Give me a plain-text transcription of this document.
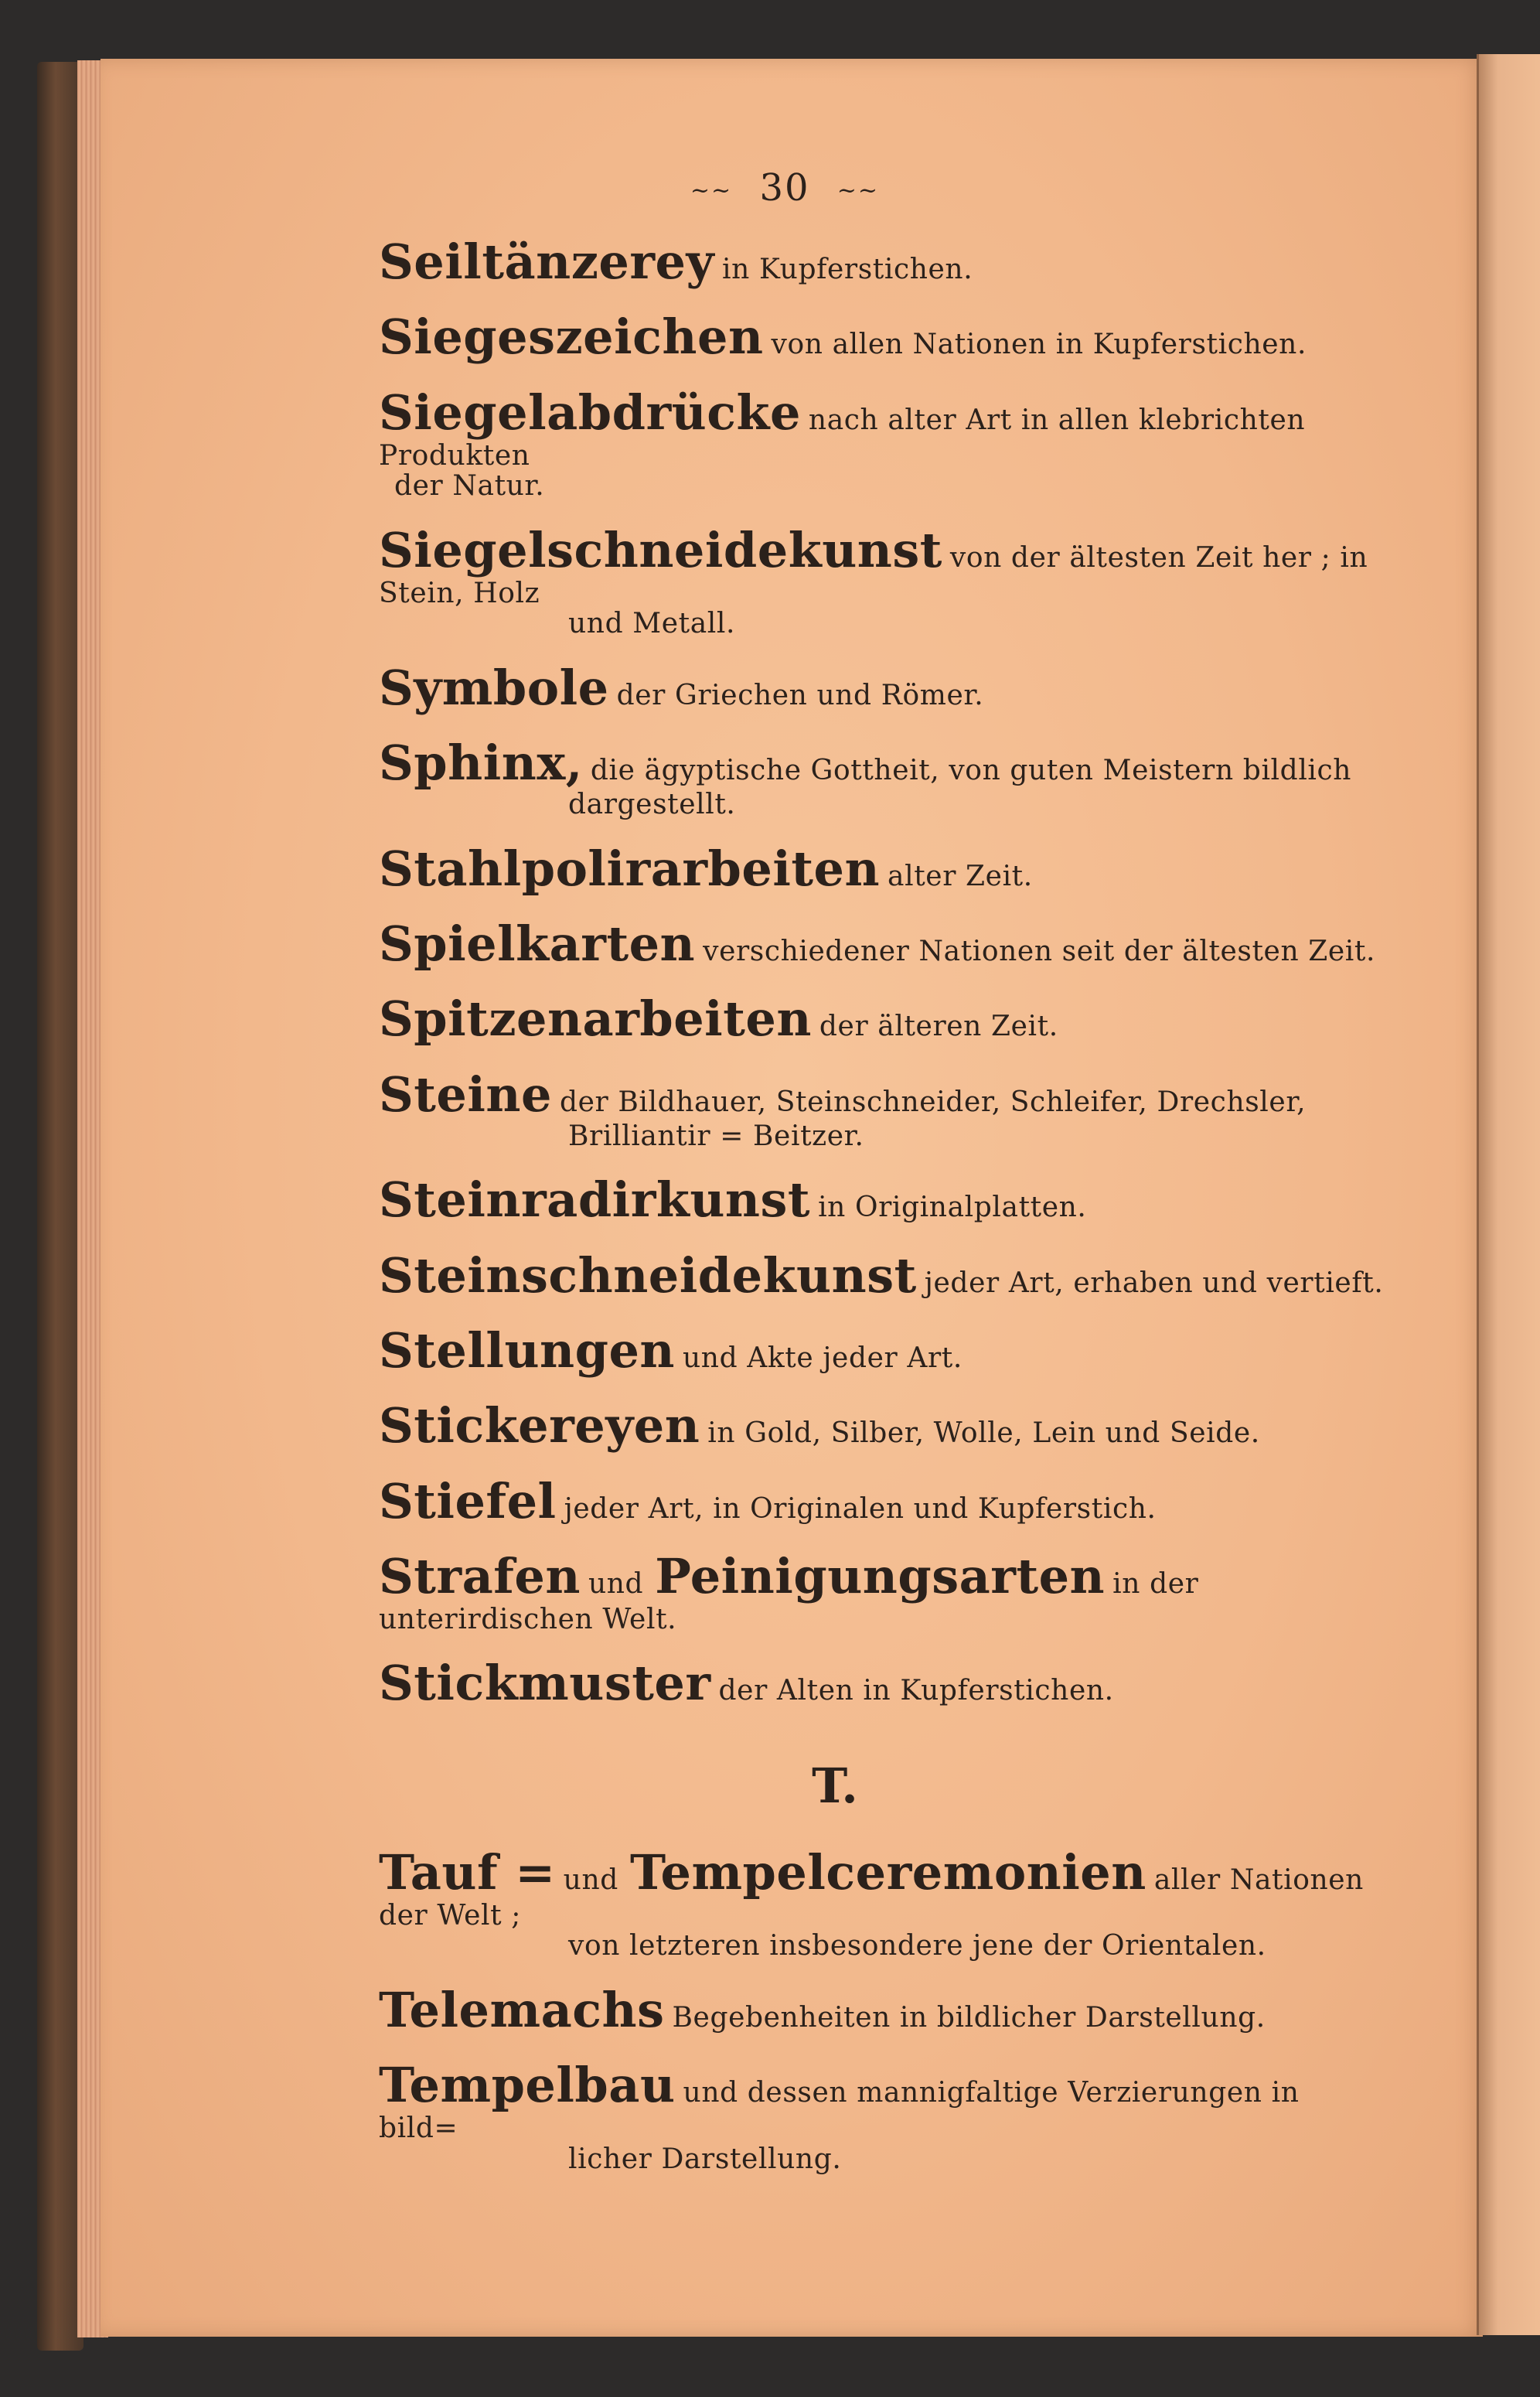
~~ 30 ~~

Seiltänzerey in Kupferstichen.

Siegeszeichen von allen Nationen in Kupferstichen.

Siegelabdrücke nach alter Art in allen klebrichten Produkten
der Natur.

Siegelschneidekunst von der ältesten Zeit her ; in Stein, Holz
und Metall.

Symbole der Griechen und Römer.

Sphinx, die ägyptische Gottheit, von guten Meistern bildlich
dargestellt.

Stahlpolirarbeiten alter Zeit.

Spielkarten verschiedener Nationen seit der ältesten Zeit.

Spitzenarbeiten der älteren Zeit.

Steine der Bildhauer, Steinschneider, Schleifer, Drechsler,
Brilliantir = Beitzer.

Steinradirkunst in Originalplatten.

Steinschneidekunst jeder Art, erhaben und vertieft.

Stellungen und Akte jeder Art.

Stickereyen in Gold, Silber, Wolle, Lein und Seide.

Stiefel jeder Art, in Originalen und Kupferstich.

Strafen und Peinigungsarten in der unterirdischen Welt.

Stickmuster der Alten in Kupferstichen.

T.

Tauf = und Tempelceremonien aller Nationen der Welt ;
von letzteren insbesondere jene der Orientalen.

Telemachs Begebenheiten in bildlicher Darstellung.

Tempelbau und dessen mannigfaltige Verzierungen in bild=
licher Darstellung.
